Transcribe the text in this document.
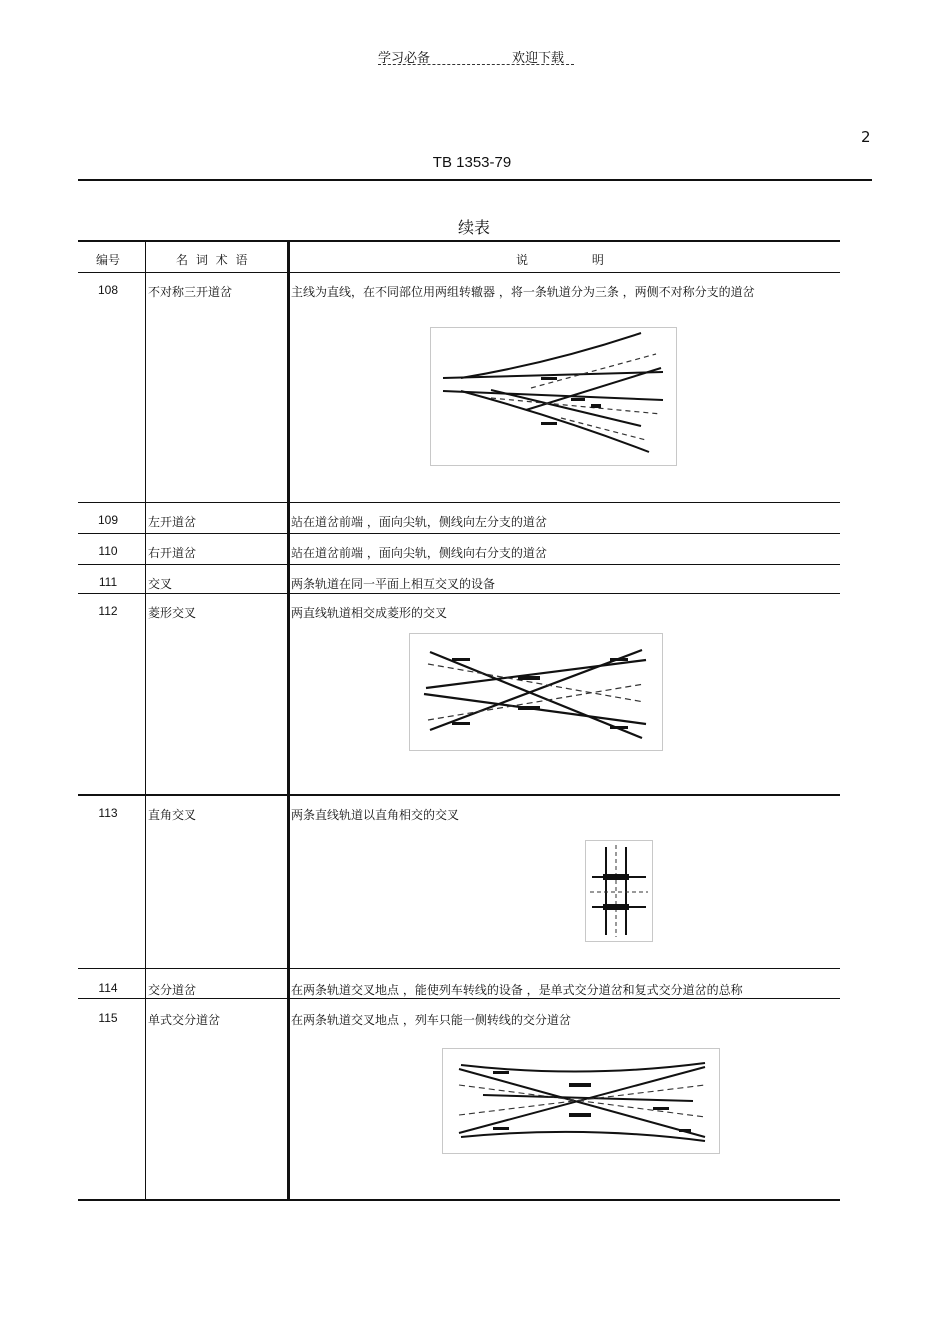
学习必备	欢迎下载
2
TB 1353-79
续表
编号	名 词 术 语	说 明
108	不对称三开道岔	主线为直线，在不同部位用两组转辙器 ，将一条轨道分为三条 ，两侧不对称分支的道岔
109	左开道岔	站在道岔前端 ，面向尖轨，侧线向左分支的道岔
110	右开道岔	站在道岔前端 ，面向尖轨，侧线向右分支的道岔
111	交叉	两条轨道在同一平面上相互交叉的设备
112	菱形交叉	两直线轨道相交成菱形的交叉
113	直角交叉	两条直线轨道以直角相交的交叉
114	交分道岔	在两条轨道交叉地点 ，能使列车转线的设备 ，是单式交分道岔和复式交分道岔的总称
115	单式交分道岔	在两条轨道交叉地点 ，列车只能一侧转线的交分道岔
